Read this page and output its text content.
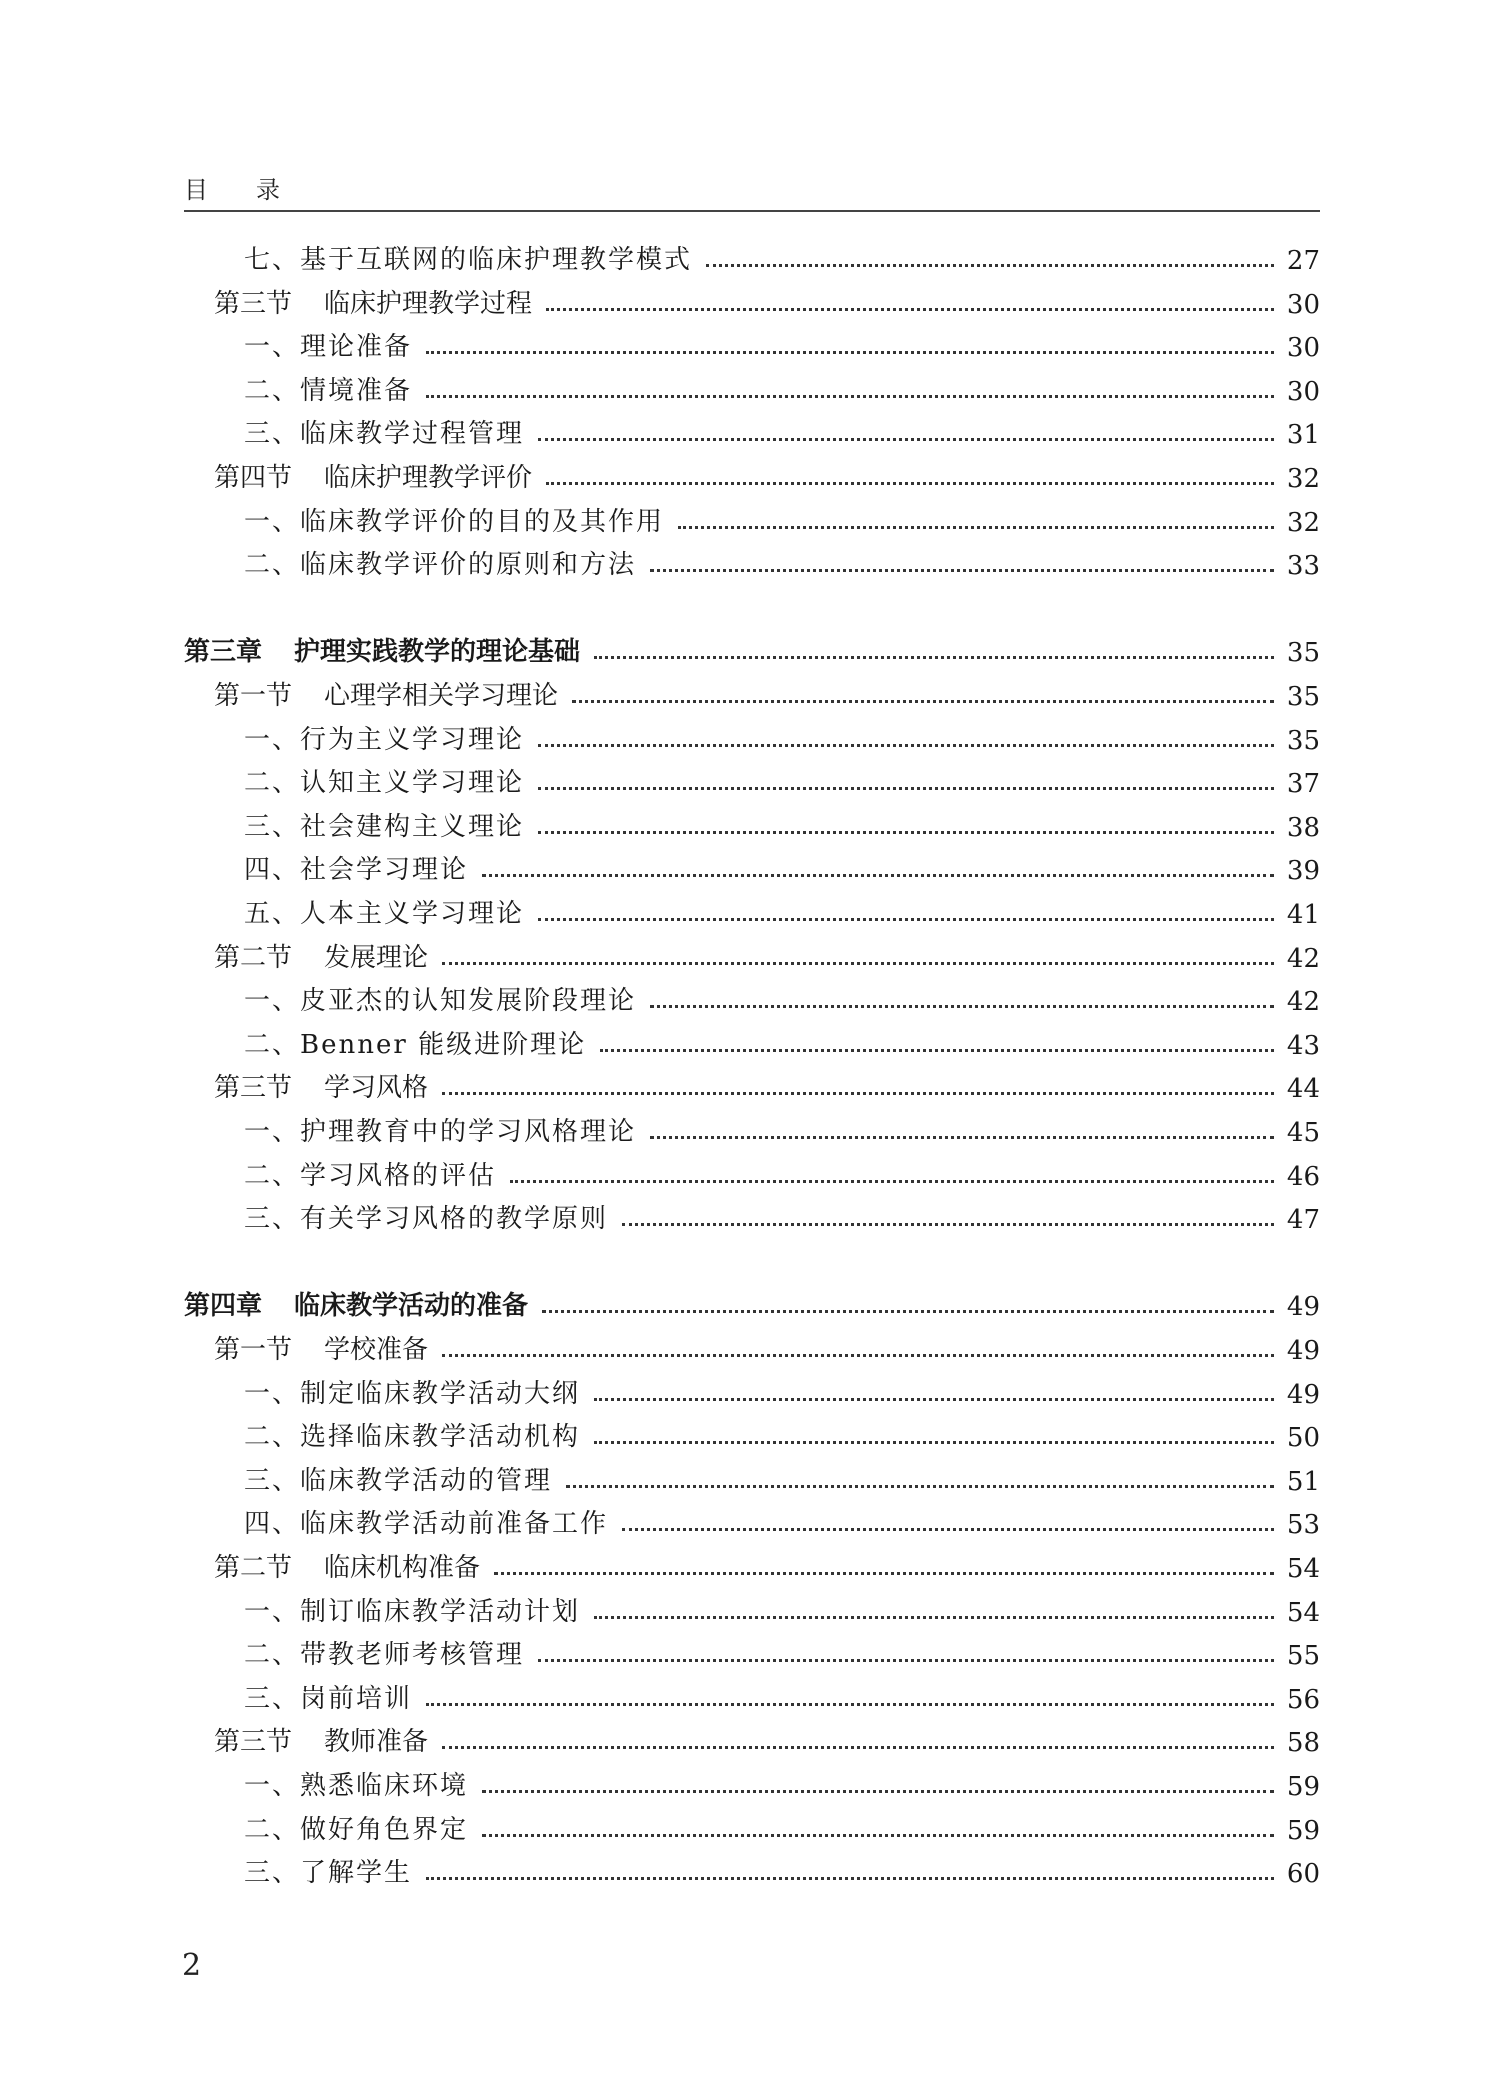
目录
七、基于互联网的临床护理教学模式	27
第三节 临床护理教学过程	30
一、理论准备	30
二、情境准备	30
三、临床教学过程管理	31
第四节 临床护理教学评价	32
一、临床教学评价的目的及其作用	32
二、临床教学评价的原则和方法	33
第三章 护理实践教学的理论基础	35
第一节 心理学相关学习理论	35
一、行为主义学习理论	35
二、认知主义学习理论	37
三、社会建构主义理论	38
四、社会学习理论	39
五、人本主义学习理论	41
第二节 发展理论	42
一、皮亚杰的认知发展阶段理论	42
二、Benner 能级进阶理论	43
第三节 学习风格	44
一、护理教育中的学习风格理论	45
二、学习风格的评估	46
三、有关学习风格的教学原则	47
第四章 临床教学活动的准备	49
第一节 学校准备	49
一、制定临床教学活动大纲	49
二、选择临床教学活动机构	50
三、临床教学活动的管理	51
四、临床教学活动前准备工作	53
第二节 临床机构准备	54
一、制订临床教学活动计划	54
二、带教老师考核管理	55
三、岗前培训	56
第三节 教师准备	58
一、熟悉临床环境	59
二、做好角色界定	59
三、了解学生	60
2
